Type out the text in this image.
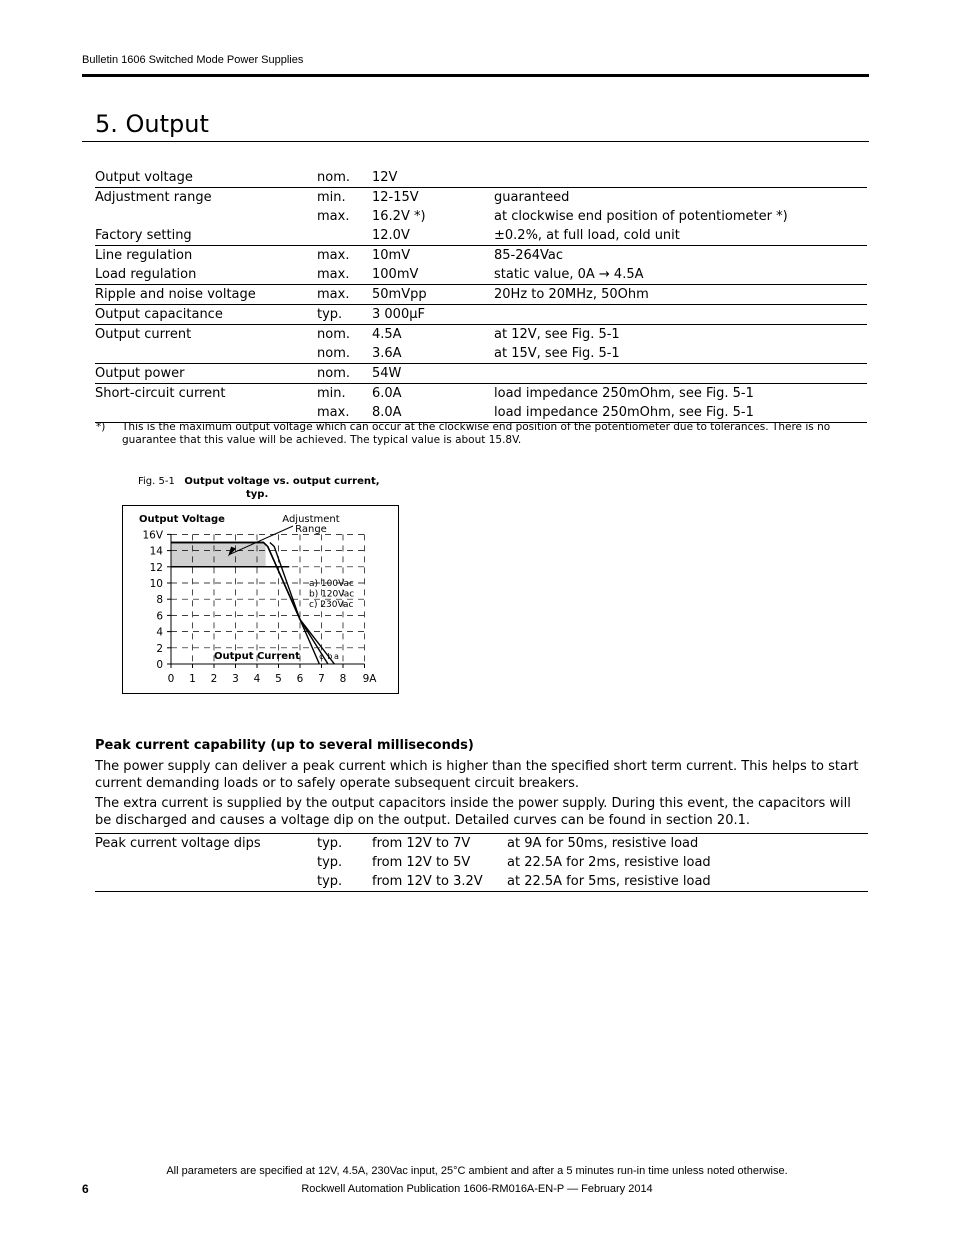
Bulletin 1606 Switched Mode Power Supplies
5. Output
Output voltage	nom.	12V	
Adjustment range	min.	12-15V	guaranteed
	max.	16.2V *)	at clockwise end position of potentiometer *)
Factory setting		12.0V	±0.2%, at full load, cold unit
Line regulation	max.	10mV	85-264Vac
Load regulation	max.	100mV	static value, 0A → 4.5A
Ripple and noise voltage	max.	50mVpp	20Hz to 20MHz, 50Ohm
Output capacitance	typ.	3 000µF	
Output current	nom.	4.5A	at 12V, see Fig. 5-1
	nom.	3.6A	at 15V, see Fig. 5-1
Output power	nom.	54W	
Short-circuit current	min.	6.0A	load impedance 250mOhm, see Fig. 5-1
	max.	8.0A	load impedance 250mOhm, see Fig. 5-1
*) This is the maximum output voltage which can occur at the clockwise end position of the potentiometer due to tolerances. There is no guarantee that this value will be achieved. The typical value is about 15.8V.
Fig. 5-1 Output voltage vs. output current,
typ.
16V
14
12
10
8
6
4
2
0
0 1 2 3 4 5 6 7 8 9A
Output Voltage
Output Current
Adjustment
Range
a
a) 100Vac
b
b) 120Vac
c
c) 230Vac
Peak current capability (up to several milliseconds)
The power supply can deliver a peak current which is higher than the specified short term current. This helps to start current demanding loads or to safely operate subsequent circuit breakers.
The extra current is supplied by the output capacitors inside the power supply. During this event, the capacitors will be discharged and causes a voltage dip on the output. Detailed curves can be found in section 20.1.
Peak current voltage dips	typ.	from 12V to 7V	at 9A for 50ms, resistive load
	typ.	from 12V to 5V	at 22.5A for 2ms, resistive load
	typ.	from 12V to 3.2V	at 22.5A for 5ms, resistive load
All parameters are specified at 12V, 4.5A, 230Vac input, 25°C ambient and after a 5 minutes run-in time unless noted otherwise.
6	Rockwell Automation Publication 1606-RM016A-EN-P — February 2014
